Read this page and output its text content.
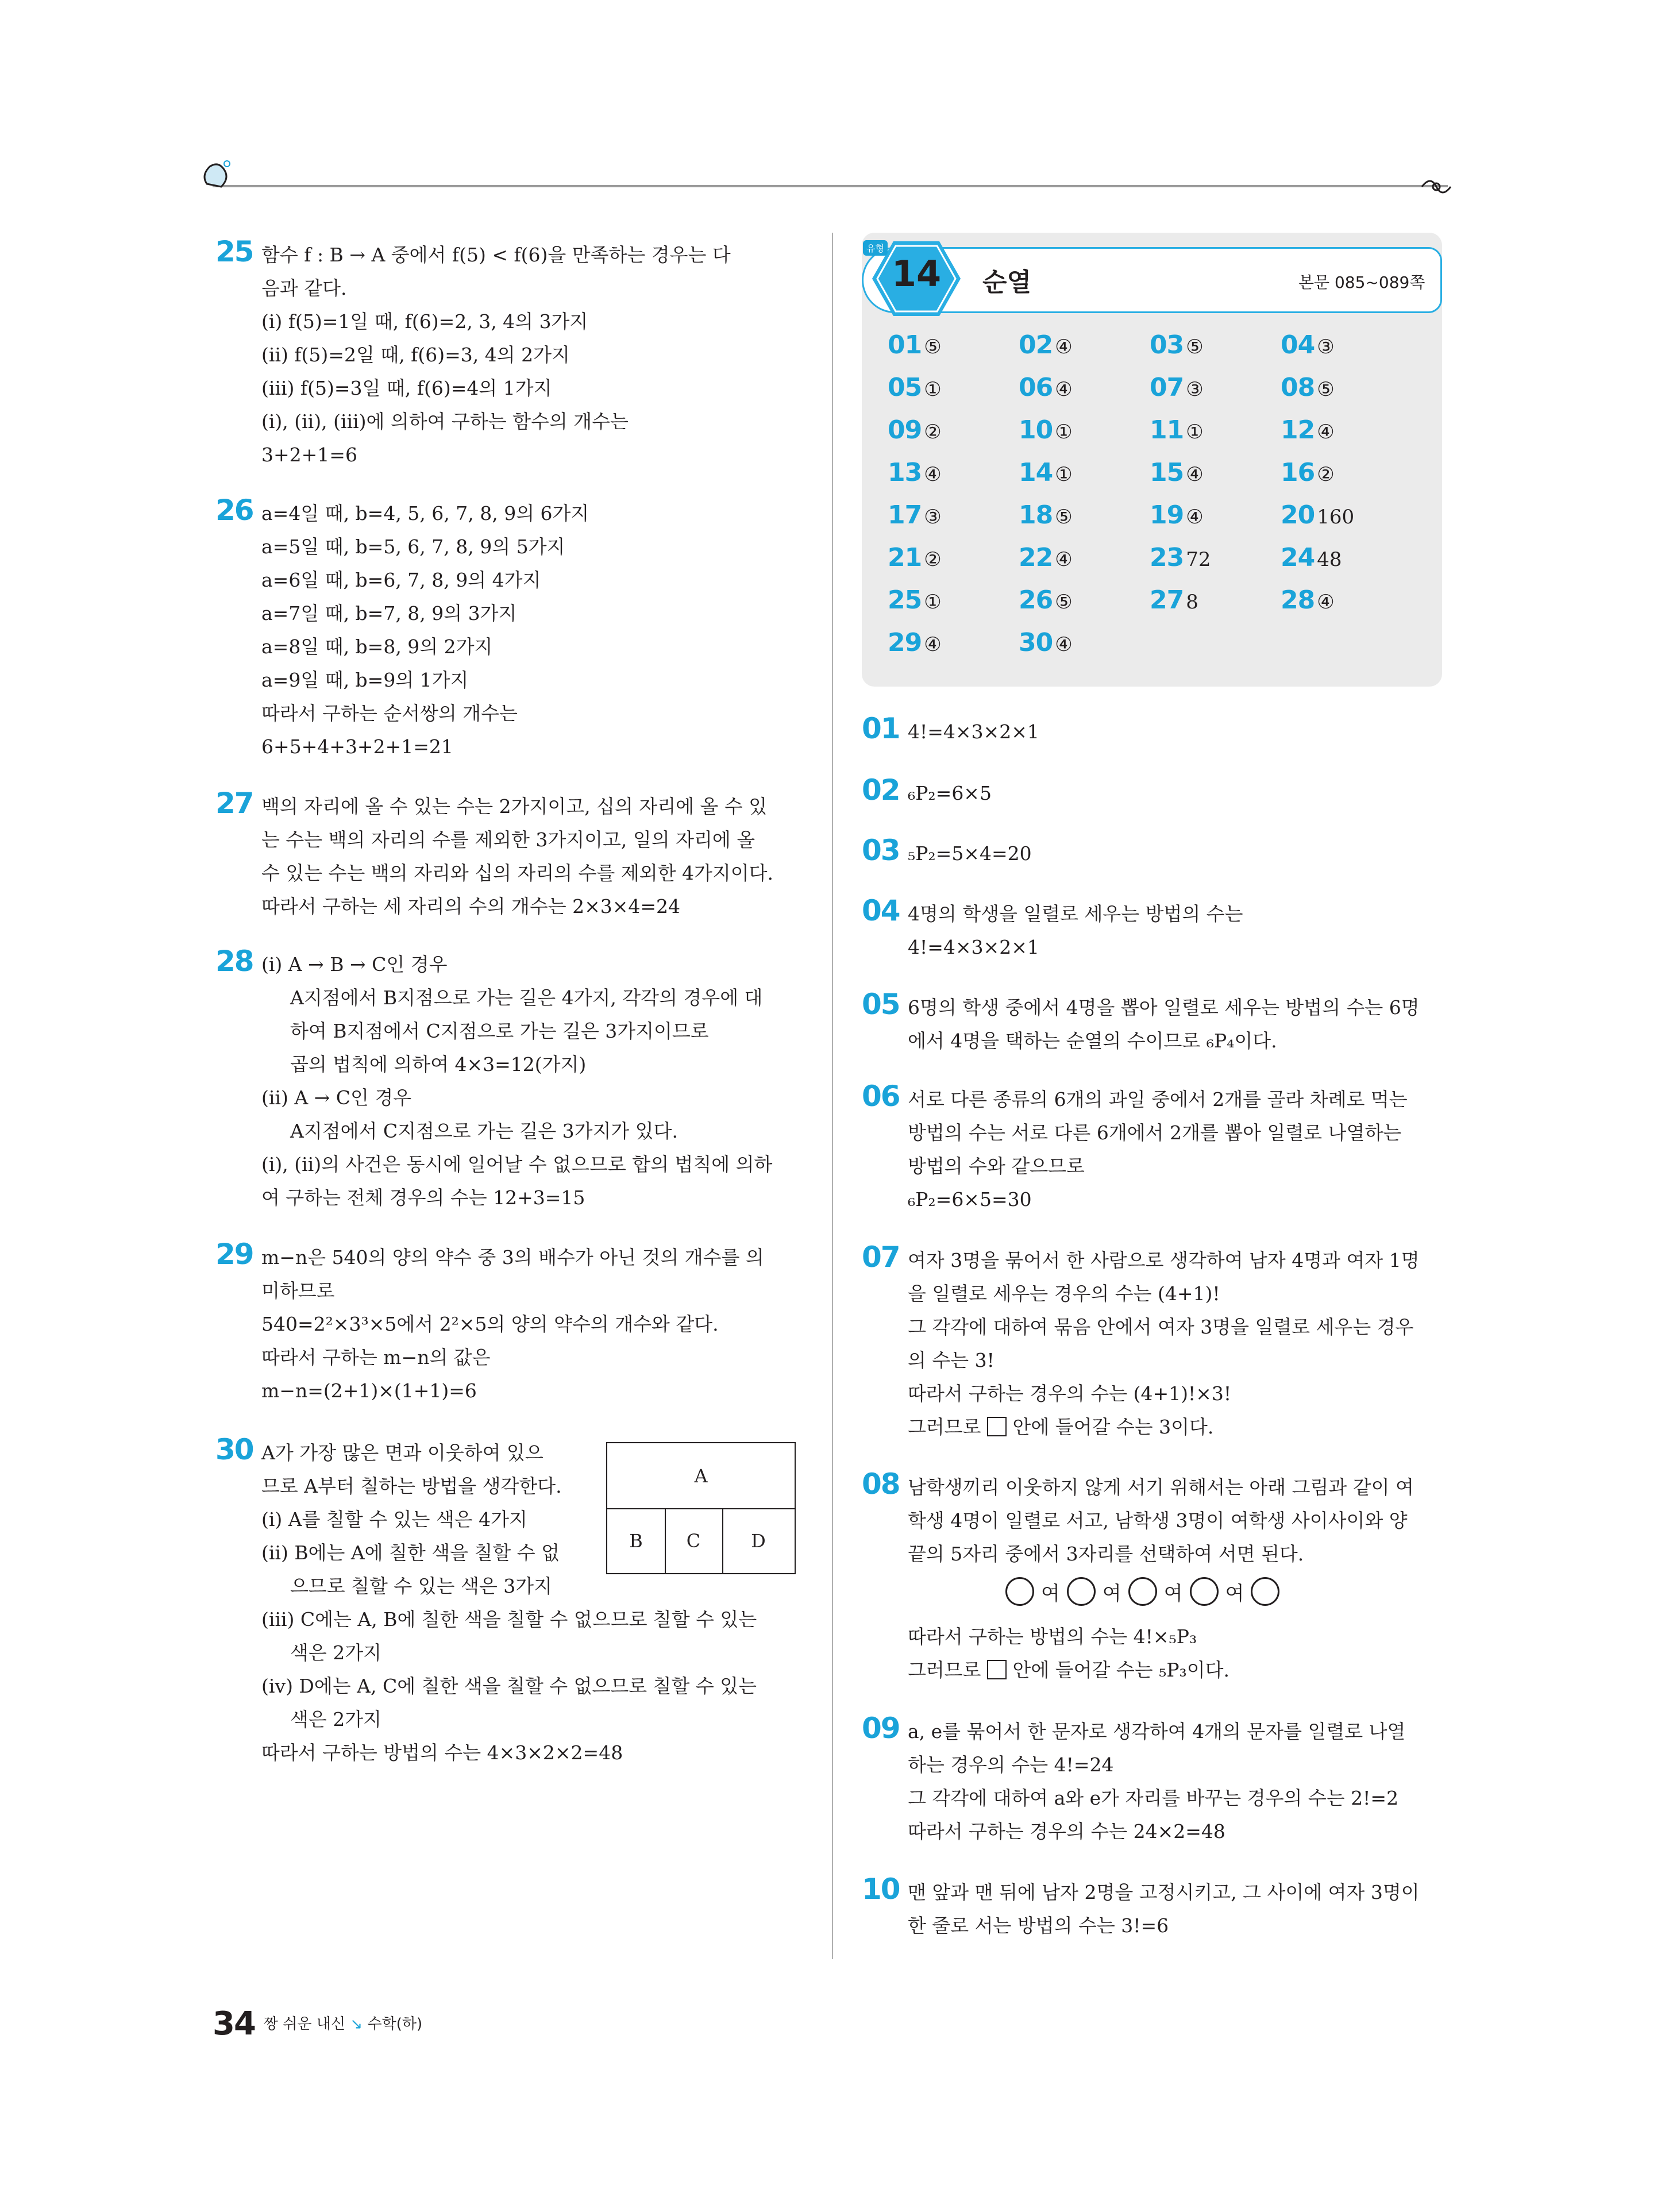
25 함수 f : B → A 중에서 f(5) < f(6)을 만족하는 경우는 다
음과 같다.
(ⅰ) f(5)=1일 때, f(6)=2, 3, 4의 3가지
(ⅱ) f(5)=2일 때, f(6)=3, 4의 2가지
(ⅲ) f(5)=3일 때, f(6)=4의 1가지
(ⅰ), (ⅱ), (ⅲ)에 의하여 구하는 함수의 개수는
3+2+1=6
26 a=4일 때, b=4, 5, 6, 7, 8, 9의 6가지
a=5일 때, b=5, 6, 7, 8, 9의 5가지
a=6일 때, b=6, 7, 8, 9의 4가지
a=7일 때, b=7, 8, 9의 3가지
a=8일 때, b=8, 9의 2가지
a=9일 때, b=9의 1가지
따라서 구하는 순서쌍의 개수는
6+5+4+3+2+1=21
27 백의 자리에 올 수 있는 수는 2가지이고, 십의 자리에 올 수 있
는 수는 백의 자리의 수를 제외한 3가지이고, 일의 자리에 올
수 있는 수는 백의 자리와 십의 자리의 수를 제외한 4가지이다.
따라서 구하는 세 자리의 수의 개수는 2×3×4=24
28 (ⅰ) A → B → C인 경우
A지점에서 B지점으로 가는 길은 4가지, 각각의 경우에 대
하여 B지점에서 C지점으로 가는 길은 3가지이므로
곱의 법칙에 의하여 4×3=12(가지)
(ⅱ) A → C인 경우
A지점에서 C지점으로 가는 길은 3가지가 있다.
(ⅰ), (ⅱ)의 사건은 동시에 일어날 수 없으므로 합의 법칙에 의하
여 구하는 전체 경우의 수는 12+3=15
29 m−n은 540의 양의 약수 중 3의 배수가 아닌 것의 개수를 의
미하므로
540=2²×3³×5에서 2²×5의 양의 약수의 개수와 같다.
따라서 구하는 m−n의 값은
m−n=(2+1)×(1+1)=6
30 A가 가장 많은 면과 이웃하여 있으
므로 A부터 칠하는 방법을 생각한다.
(ⅰ) A를 칠할 수 있는 색은 4가지
(ⅱ) B에는 A에 칠한 색을 칠할 수 없
으므로 칠할 수 있는 색은 3가지
(ⅲ) C에는 A, B에 칠한 색을 칠할 수 없으므로 칠할 수 있는
색은 2가지
(ⅳ) D에는 A, C에 칠한 색을 칠할 수 없으므로 칠할 수 있는
색은 2가지
따라서 구하는 방법의 수는 4×3×2×2=48
A
B	C	D
유형
14	순열	본문 085~089쪽
01 ⑤	02 ④	03 ⑤	04 ③
05 ①	06 ④	07 ③	08 ⑤
09 ②	10 ①	11 ①	12 ④
13 ④	14 ①	15 ④	16 ②
17 ③	18 ⑤	19 ④	20 160
21 ②	22 ④	23 72	24 48
25 ①	26 ⑤	27 8	28 ④
29 ④	30 ④
01 4!=4×3×2×1
02 ₆P₂=6×5
03 ₅P₂=5×4=20
04 4명의 학생을 일렬로 세우는 방법의 수는
4!=4×3×2×1
05 6명의 학생 중에서 4명을 뽑아 일렬로 세우는 방법의 수는 6명
에서 4명을 택하는 순열의 수이므로 ₆P₄이다.
06 서로 다른 종류의 6개의 과일 중에서 2개를 골라 차례로 먹는
방법의 수는 서로 다른 6개에서 2개를 뽑아 일렬로 나열하는
방법의 수와 같으므로
₆P₂=6×5=30
07 여자 3명을 묶어서 한 사람으로 생각하여 남자 4명과 여자 1명
을 일렬로 세우는 경우의 수는 (4+1)!
그 각각에 대하여 묶음 안에서 여자 3명을 일렬로 세우는 경우
의 수는 3!
따라서 구하는 경우의 수는 (4+1)!×3!
그러므로  안에 들어갈 수는 3이다.
08 남학생끼리 이웃하지 않게 서기 위해서는 아래 그림과 같이 여
학생 4명이 일렬로 서고, 남학생 3명이 여학생 사이사이와 양
끝의 5자리 중에서 3자리를 선택하여 서면 된다.
여 여 여 여
따라서 구하는 방법의 수는 4!×₅P₃
그러므로  안에 들어갈 수는 ₅P₃이다.
09 a, e를 묶어서 한 문자로 생각하여 4개의 문자를 일렬로 나열
하는 경우의 수는 4!=24
그 각각에 대하여 a와 e가 자리를 바꾸는 경우의 수는 2!=2
따라서 구하는 경우의 수는 24×2=48
10 맨 앞과 맨 뒤에 남자 2명을 고정시키고, 그 사이에 여자 3명이
한 줄로 서는 방법의 수는 3!=6
34 짱 쉬운 내신 ↘ 수학(하)
